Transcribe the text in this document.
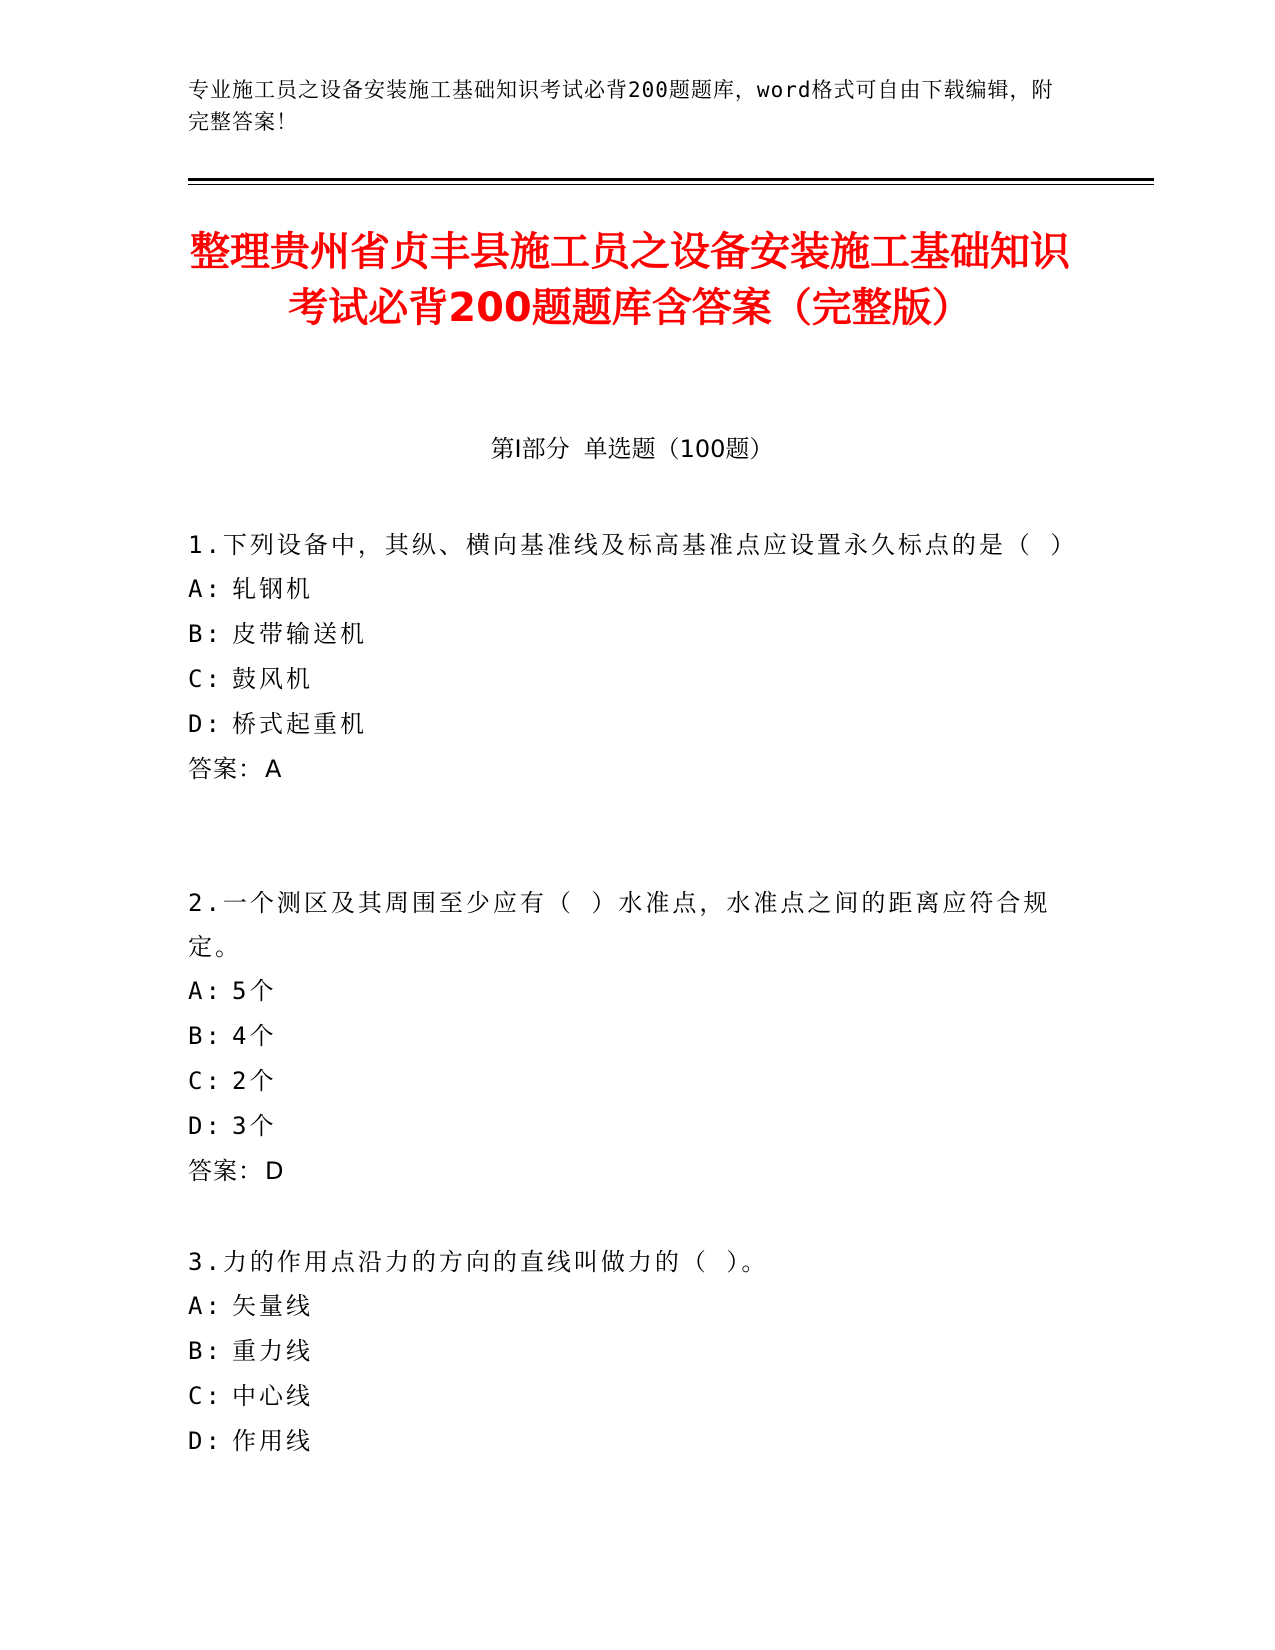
专业施工员之设备安装施工基础知识考试必背200题题库，word格式可自由下载编辑，附完整答案！
整理贵州省贞丰县施工员之设备安装施工基础知识考试必背200题题库含答案（完整版）
第Ⅰ部分 单选题（100题）
1.下列设备中，其纵、横向基准线及标高基准点应设置永久标点的是（ ）
A: 轧钢机
B: 皮带输送机
C: 鼓风机
D: 桥式起重机
答案：A
2.一个测区及其周围至少应有（ ）水准点，水准点之间的距离应符合规定。
A: 5个
B: 4个
C: 2个
D: 3个
答案：D
3.力的作用点沿力的方向的直线叫做力的（ ）。
A: 矢量线
B: 重力线
C: 中心线
D: 作用线
